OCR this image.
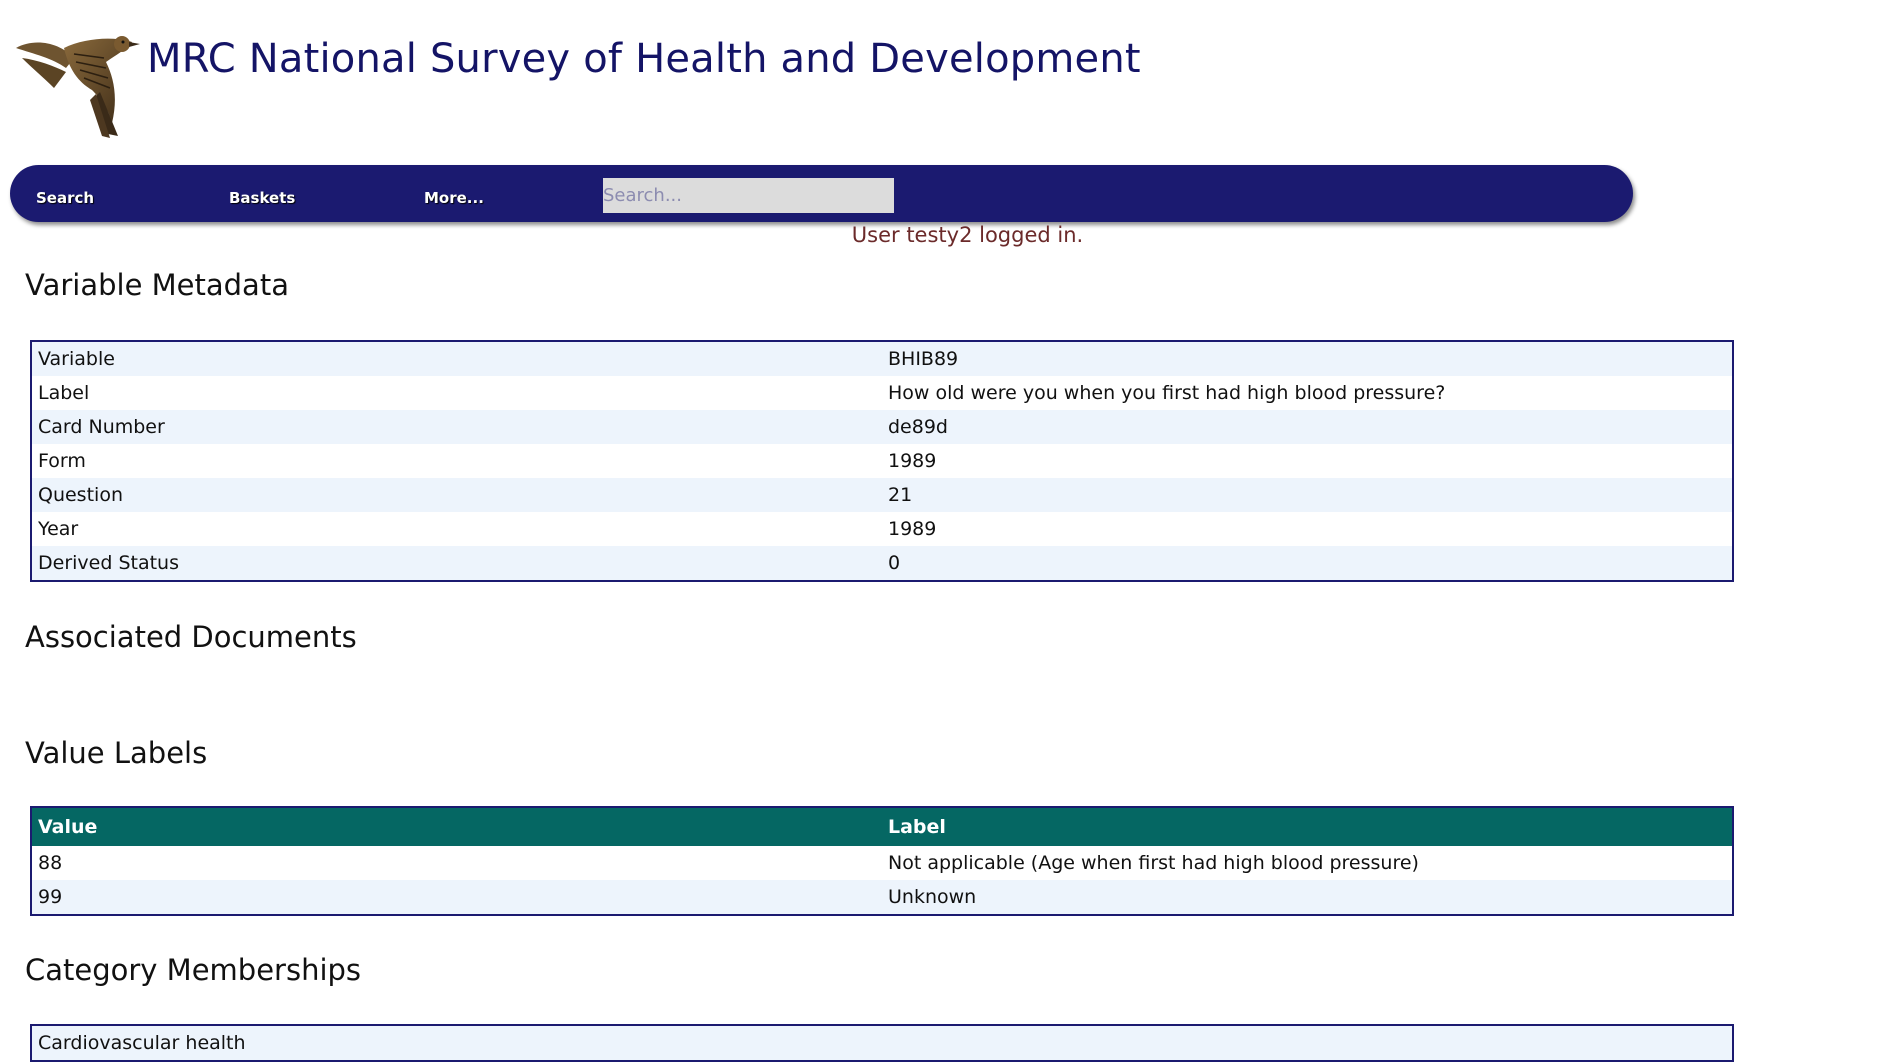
MRC National Survey of Health and Development
Search	Baskets	More...
Search...
User testy2 logged in.
Variable Metadata
Variable	BHIB89
Label	How old were you when you first had high blood pressure?
Card Number	de89d
Form	1989
Question	21
Year	1989
Derived Status	0
Associated Documents
Value Labels
Value	Label
88	Not applicable (Age when first had high blood pressure)
99	Unknown
Category Memberships
Cardiovascular health
